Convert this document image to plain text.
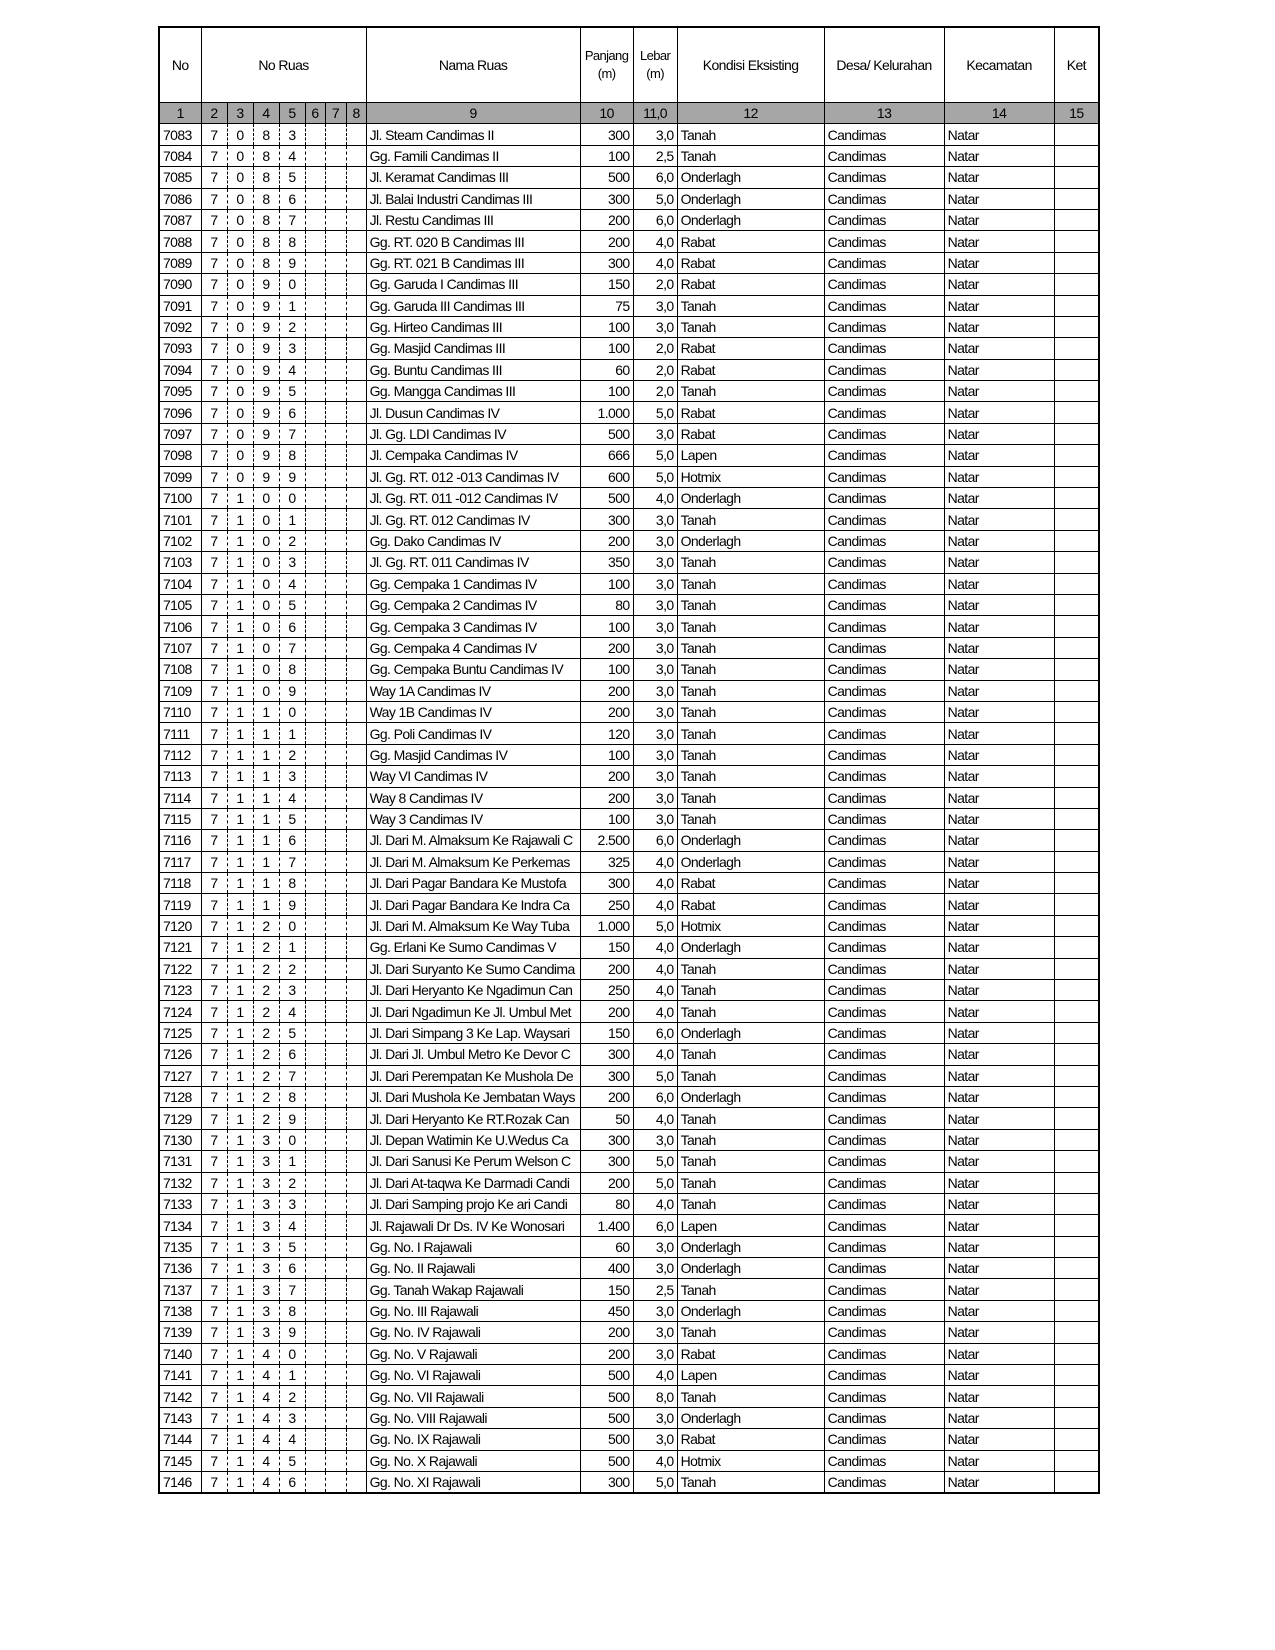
No	No Ruas							Nama Ruas	Panjang (m)	Lebar (m)	Kondisi Eksisting	Desa/ Kelurahan	Kecamatan	Ket
1	2	3	4	5	6	7	8	9	10	11,0	12	13	14	15
7083	7	0	8	3				Jl. Steam Candimas II	300	3,0	Tanah	Candimas	Natar	
7084	7	0	8	4				Gg. Famili Candimas II	100	2,5	Tanah	Candimas	Natar	
7085	7	0	8	5				Jl. Keramat Candimas III	500	6,0	Onderlagh	Candimas	Natar	
7086	7	0	8	6				Jl. Balai Industri Candimas III	300	5,0	Onderlagh	Candimas	Natar	
7087	7	0	8	7				Jl. Restu Candimas III	200	6,0	Onderlagh	Candimas	Natar	
7088	7	0	8	8				Gg. RT. 020 B Candimas III	200	4,0	Rabat	Candimas	Natar	
7089	7	0	8	9				Gg. RT. 021 B Candimas III	300	4,0	Rabat	Candimas	Natar	
7090	7	0	9	0				Gg. Garuda I Candimas III	150	2,0	Rabat	Candimas	Natar	
7091	7	0	9	1				Gg. Garuda III Candimas III	75	3,0	Tanah	Candimas	Natar	
7092	7	0	9	2				Gg. Hirteo Candimas III	100	3,0	Tanah	Candimas	Natar	
7093	7	0	9	3				Gg. Masjid Candimas III	100	2,0	Rabat	Candimas	Natar	
7094	7	0	9	4				Gg. Buntu Candimas III	60	2,0	Rabat	Candimas	Natar	
7095	7	0	9	5				Gg. Mangga Candimas III	100	2,0	Tanah	Candimas	Natar	
7096	7	0	9	6				Jl. Dusun Candimas IV	1.000	5,0	Rabat	Candimas	Natar	
7097	7	0	9	7				Jl. Gg. LDI Candimas IV	500	3,0	Rabat	Candimas	Natar	
7098	7	0	9	8				Jl. Cempaka Candimas IV	666	5,0	Lapen	Candimas	Natar	
7099	7	0	9	9				Jl. Gg. RT. 012 -013 Candimas IV	600	5,0	Hotmix	Candimas	Natar	
7100	7	1	0	0				Jl. Gg. RT. 011 -012 Candimas IV	500	4,0	Onderlagh	Candimas	Natar	
7101	7	1	0	1				Jl. Gg. RT. 012 Candimas IV	300	3,0	Tanah	Candimas	Natar	
7102	7	1	0	2				Gg. Dako Candimas IV	200	3,0	Onderlagh	Candimas	Natar	
7103	7	1	0	3				Jl. Gg. RT. 011 Candimas IV	350	3,0	Tanah	Candimas	Natar	
7104	7	1	0	4				Gg. Cempaka 1 Candimas IV	100	3,0	Tanah	Candimas	Natar	
7105	7	1	0	5				Gg. Cempaka 2 Candimas IV	80	3,0	Tanah	Candimas	Natar	
7106	7	1	0	6				Gg. Cempaka 3 Candimas IV	100	3,0	Tanah	Candimas	Natar	
7107	7	1	0	7				Gg. Cempaka 4 Candimas IV	200	3,0	Tanah	Candimas	Natar	
7108	7	1	0	8				Gg. Cempaka Buntu Candimas IV	100	3,0	Tanah	Candimas	Natar	
7109	7	1	0	9				Way 1A Candimas IV	200	3,0	Tanah	Candimas	Natar	
7110	7	1	1	0				Way 1B Candimas IV	200	3,0	Tanah	Candimas	Natar	
7111	7	1	1	1				Gg. Poli Candimas IV	120	3,0	Tanah	Candimas	Natar	
7112	7	1	1	2				Gg. Masjid Candimas IV	100	3,0	Tanah	Candimas	Natar	
7113	7	1	1	3				Way VI Candimas IV	200	3,0	Tanah	Candimas	Natar	
7114	7	1	1	4				Way 8 Candimas IV	200	3,0	Tanah	Candimas	Natar	
7115	7	1	1	5				Way 3 Candimas IV	100	3,0	Tanah	Candimas	Natar	
7116	7	1	1	6				Jl. Dari M. Almaksum Ke Rajawali C	2.500	6,0	Onderlagh	Candimas	Natar	
7117	7	1	1	7				Jl. Dari M. Almaksum Ke Perkemas	325	4,0	Onderlagh	Candimas	Natar	
7118	7	1	1	8				Jl. Dari Pagar Bandara Ke Mustofa	300	4,0	Rabat	Candimas	Natar	
7119	7	1	1	9				Jl. Dari Pagar Bandara Ke Indra Ca	250	4,0	Rabat	Candimas	Natar	
7120	7	1	2	0				Jl. Dari M. Almaksum Ke Way Tuba	1.000	5,0	Hotmix	Candimas	Natar	
7121	7	1	2	1				Gg. Erlani Ke Sumo Candimas V	150	4,0	Onderlagh	Candimas	Natar	
7122	7	1	2	2				Jl. Dari Suryanto Ke Sumo Candima	200	4,0	Tanah	Candimas	Natar	
7123	7	1	2	3				Jl. Dari Heryanto Ke Ngadimun Can	250	4,0	Tanah	Candimas	Natar	
7124	7	1	2	4				Jl. Dari Ngadimun Ke Jl. Umbul Met	200	4,0	Tanah	Candimas	Natar	
7125	7	1	2	5				Jl. Dari Simpang 3 Ke Lap. Waysari	150	6,0	Onderlagh	Candimas	Natar	
7126	7	1	2	6				Jl. Dari Jl. Umbul Metro Ke Devor C	300	4,0	Tanah	Candimas	Natar	
7127	7	1	2	7				Jl. Dari Perempatan Ke Mushola De	300	5,0	Tanah	Candimas	Natar	
7128	7	1	2	8				Jl. Dari Mushola Ke Jembatan Ways	200	6,0	Onderlagh	Candimas	Natar	
7129	7	1	2	9				Jl. Dari Heryanto Ke RT.Rozak Can	50	4,0	Tanah	Candimas	Natar	
7130	7	1	3	0				Jl. Depan Watimin Ke U.Wedus Ca	300	3,0	Tanah	Candimas	Natar	
7131	7	1	3	1				Jl. Dari Sanusi Ke Perum Welson C	300	5,0	Tanah	Candimas	Natar	
7132	7	1	3	2				Jl. Dari At-taqwa Ke Darmadi Candi	200	5,0	Tanah	Candimas	Natar	
7133	7	1	3	3				Jl. Dari Samping projo Ke ari Candi	80	4,0	Tanah	Candimas	Natar	
7134	7	1	3	4				Jl. Rajawali Dr Ds. IV Ke Wonosari	1.400	6,0	Lapen	Candimas	Natar	
7135	7	1	3	5				Gg. No. I Rajawali	60	3,0	Onderlagh	Candimas	Natar	
7136	7	1	3	6				Gg. No. II Rajawali	400	3,0	Onderlagh	Candimas	Natar	
7137	7	1	3	7				Gg. Tanah Wakap Rajawali	150	2,5	Tanah	Candimas	Natar	
7138	7	1	3	8				Gg. No. III Rajawali	450	3,0	Onderlagh	Candimas	Natar	
7139	7	1	3	9				Gg. No. IV Rajawali	200	3,0	Tanah	Candimas	Natar	
7140	7	1	4	0				Gg. No. V Rajawali	200	3,0	Rabat	Candimas	Natar	
7141	7	1	4	1				Gg. No. VI Rajawali	500	4,0	Lapen	Candimas	Natar	
7142	7	1	4	2				Gg. No. VII Rajawali	500	8,0	Tanah	Candimas	Natar	
7143	7	1	4	3				Gg. No. VIII Rajawali	500	3,0	Onderlagh	Candimas	Natar	
7144	7	1	4	4				Gg. No. IX Rajawali	500	3,0	Rabat	Candimas	Natar	
7145	7	1	4	5				Gg. No. X Rajawali	500	4,0	Hotmix	Candimas	Natar	
7146	7	1	4	6				Gg. No. XI Rajawali	300	5,0	Tanah	Candimas	Natar	
